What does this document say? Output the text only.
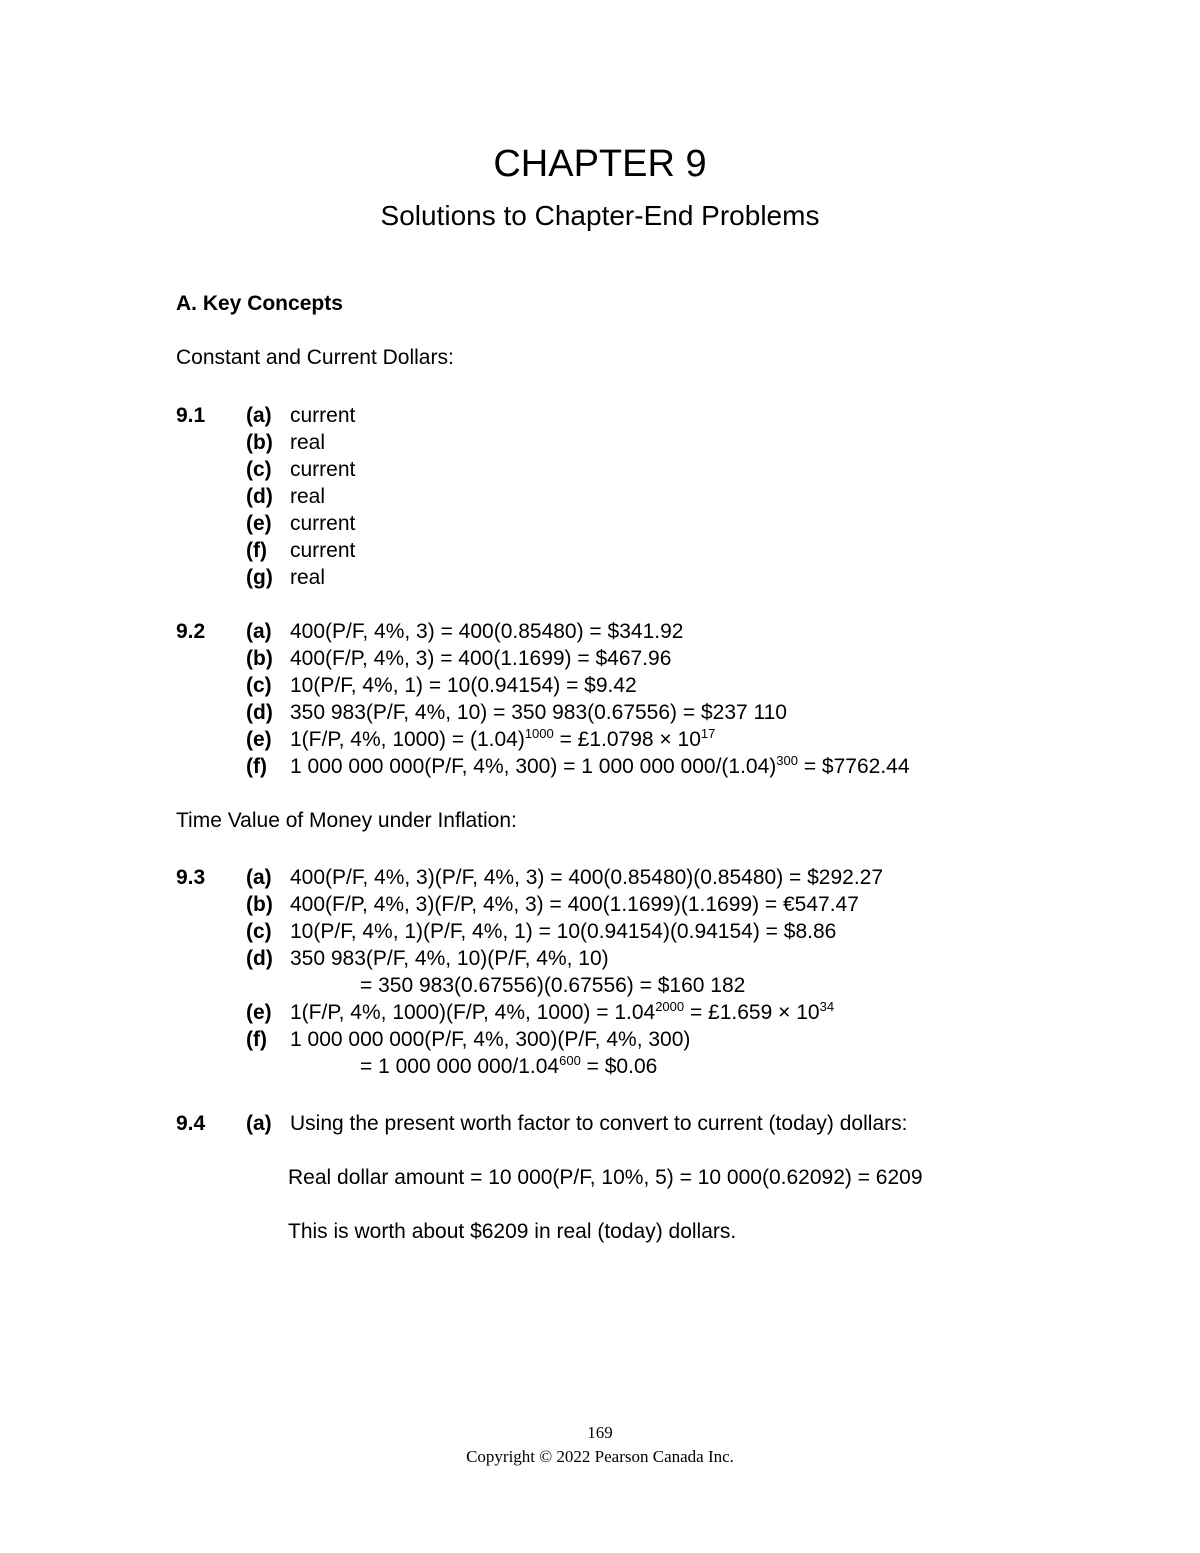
CHAPTER 9
Solutions to Chapter-End Problems
A. Key Concepts
Constant and Current Dollars:
9.1 (a) current
(b) real
(c) current
(d) real
(e) current
(f) current
(g) real
9.2 (a) 400(P/F, 4%, 3) = 400(0.85480) = $341.92
(b) 400(F/P, 4%, 3) = 400(1.1699) = $467.96
(c) 10(P/F, 4%, 1) = 10(0.94154) = $9.42
(d) 350 983(P/F, 4%, 10) = 350 983(0.67556) = $237 110
(e) 1(F/P, 4%, $1000) = (1.04)^{1000}$ = £1.0798 × $10^{17}$
(f) 1 000 000 000(P/F, 4%, 300) = 1 000 000 $000/(1.04)^{300}$ = $7762.44
Time Value of Money under Inflation:
9.3 (a) 400(P/F, 4%, 3)(P/F, 4%, 3) = 400(0.85480)(0.85480) = $292.27
(b) 400(F/P, 4%, 3)(F/P, 4%, 3) = 400(1.1699)(1.1699) = €547.47
(c) 10(P/F, 4%, 1)(P/F, 4%, 1) = 10(0.94154)(0.94154) = $8.86
(d) 350 983(P/F, 4%, 10)(P/F, 4%, 10)
= 350 983(0.67556)(0.67556) = $160 182
(e) 1(F/P, 4%, 1000)(F/P, 4%, $1000) = 1.04^{2000}$ = £1.659 × $10^{34}$
(f) 1 000 000 000(P/F, 4%, 300)(P/F, 4%, 300)
= 1 000 000 $000/1.04^{600}$ = $0.06
9.4 (a) Using the present worth factor to convert to current (today) dollars:
Real dollar amount = 10 000(P/F, 10%, 5) = 10 000(0.62092) = 6209
This is worth about $6209 in real (today) dollars.
169
Copyright © 2022 Pearson Canada Inc.
